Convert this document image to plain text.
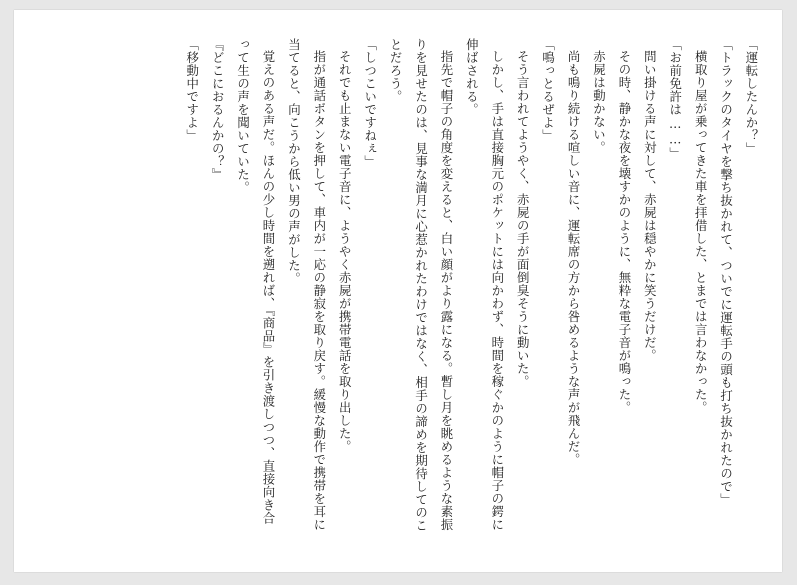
「運転したんか？」

「トラックのタイヤを撃ち抜かれて、ついでに運転手の頭も打ち抜かれたので」

横取り屋が乗ってきた車を拝借した、とまでは言わなかった。

「お前免許は……」

問い掛ける声に対して、赤屍は穏やかに笑うだけだ。

その時、静かな夜を壊すかのように、無粋な電子音が鳴った。

赤屍は動かない。

尚も鳴り続ける喧しい音に、運転席の方から咎めるような声が飛んだ。

「鳴っとるぜよ」

そう言われてようやく、赤屍の手が面倒臭そうに動いた。

しかし、手は直接胸元のポケットには向かわず、時間を稼ぐかのように帽子の鍔に伸ばされる。

指先で帽子の角度を変えると、白い顔がより露になる。暫し月を眺めるような素振りを見せたのは、見事な満月に心惹かれたわけではなく、相手の諦めを期待してのことだろう。

「しつこいですねぇ」

それでも止まない電子音に、ようやく赤屍が携帯電話を取り出した。

指が通話ボタンを押して、車内が一応の静寂を取り戻す。緩慢な動作で携帯を耳に当てると、向こうから低い男の声がした。

覚えのある声だ。ほんの少し時間を遡れば、『商品』を引き渡しつつ、直接向き合って生の声を聞いていた。

『どこにおるんかの？』

「移動中ですよ」
